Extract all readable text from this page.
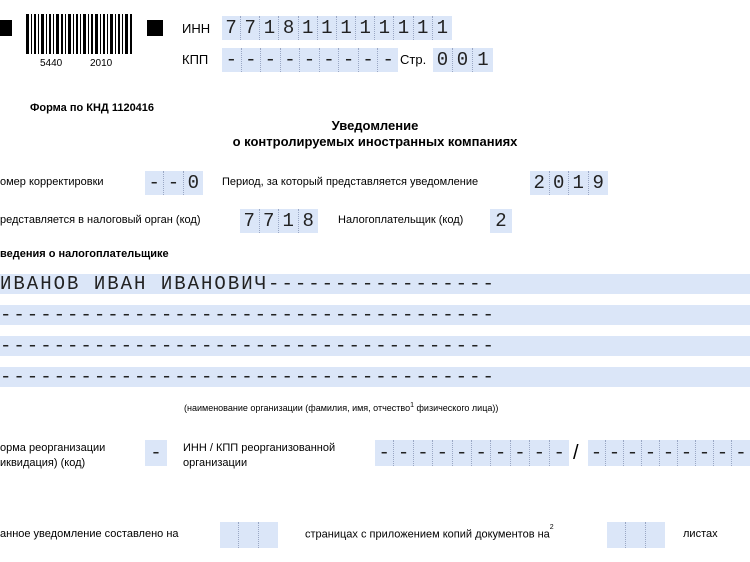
5440	2010
ИНН 7 7 1 8 1 1 1 1 1 1 1 1
КПП - - - - - - - - - Стр. 0 0 1
Форма по КНД 1120416
Уведомление
о контролируемых иностранных компаниях
омер корректировки - - 0	Период, за который представляется уведомление	2 0 1 9
редставляется в налоговый орган (код) 7 7 1 8	Налогоплательщик (код) 2
ведения о налогоплательщике
ИВАНОВ ИВАН ИВАНОВИЧ-----------------
-------------------------------------
-------------------------------------
-------------------------------------
(наименование организации (фамилия, имя, отчество$^1$ физического лица))
орма реорганизации
иквидация) (код)	-	ИНН / КПП реорганизованной
организации	- - - - - - - - - - / - - - - - - - - -
анное уведомление составлено на	страницах с приложением копий документов $на^2$
листах
